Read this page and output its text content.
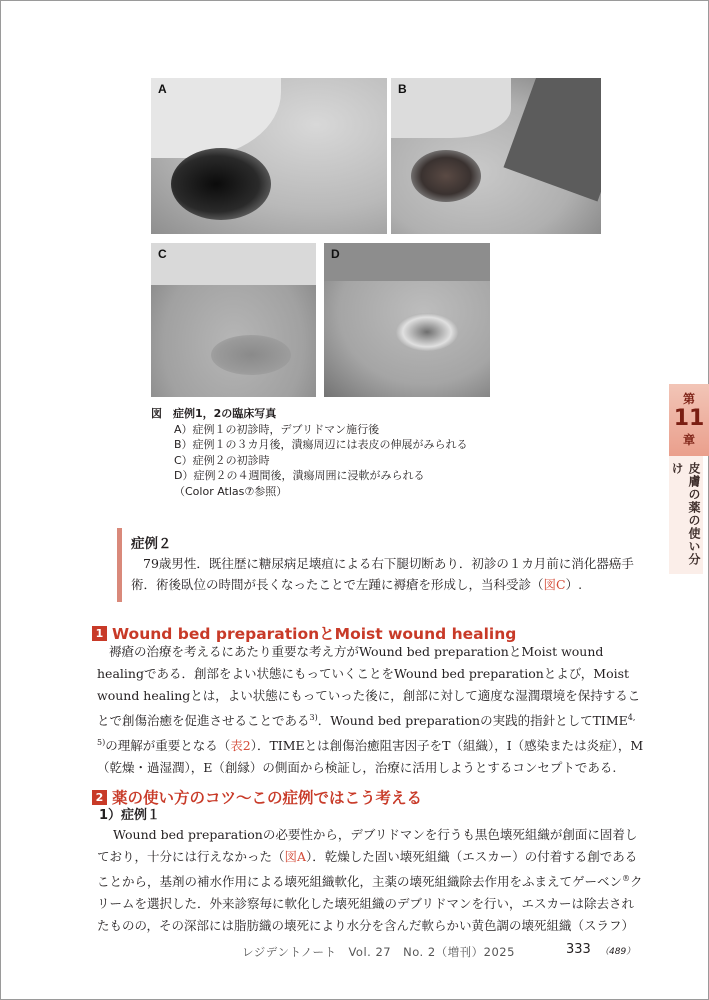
A	B
C	D
図　症例1，2の臨床写真
A）症例１の初診時，デブリドマン施行後
B）症例１の３カ月後，潰瘍周辺には表皮の伸展がみられる
C）症例２の初診時
D）症例２の４週間後，潰瘍周囲に浸軟がみられる
（Color Atlas⑦参照）
第
11
章
皮膚の薬の使い分け
症例２
79歳男性．既往歴に糖尿病足壊疽による右下腿切断あり．初診の１カ月前に消化器癌手術．術後臥位の時間が長くなったことで左踵に褥瘡を形成し，当科受診（図C）.
1 Wound bed preparationとMoist wound healing

褥瘡の治療を考えるにあたり重要な考え方がWound bed preparationとMoist wound healingである．創部をよい状態にもっていくことをWound bed preparationとよび，Moist wound healingとは，よい状態にもっていった後に，創部に対して適度な湿潤環境を保持することで創傷治癒を促進させることである$^{3)}$．Wound bed preparationの実践的指針としてTIME$^{4, 5)}$の理解が重要となる（表2）．TIMEとは創傷治癒阻害因子をT（組織），I（感染または炎症），M（乾燥・過湿潤），E（創縁）の側面から検証し，治療に活用しようとするコンセプトである.

2 薬の使い方のコツ〜この症例ではこう考える
1）症例１

Wound bed preparationの必要性から，デブリドマンを行うも黒色壊死組織が創面に固着しており，十分には行えなかった（図A）．乾燥した固い壊死組織（エスカー）の付着する創であることから，基剤の補水作用による壊死組織軟化，主薬の壊死組織除去作用をふまえてゲーベン®クリームを選択した．外来診察毎に軟化した壊死組織のデブリドマンを行い，エスカーは除去されたものの，その深部には脂肪織の壊死により水分を含んだ軟らかい黄色調の壊死組織（スラフ）

レジデントノート　Vol. 27　No. 2（増刊）2025	333 （489）
